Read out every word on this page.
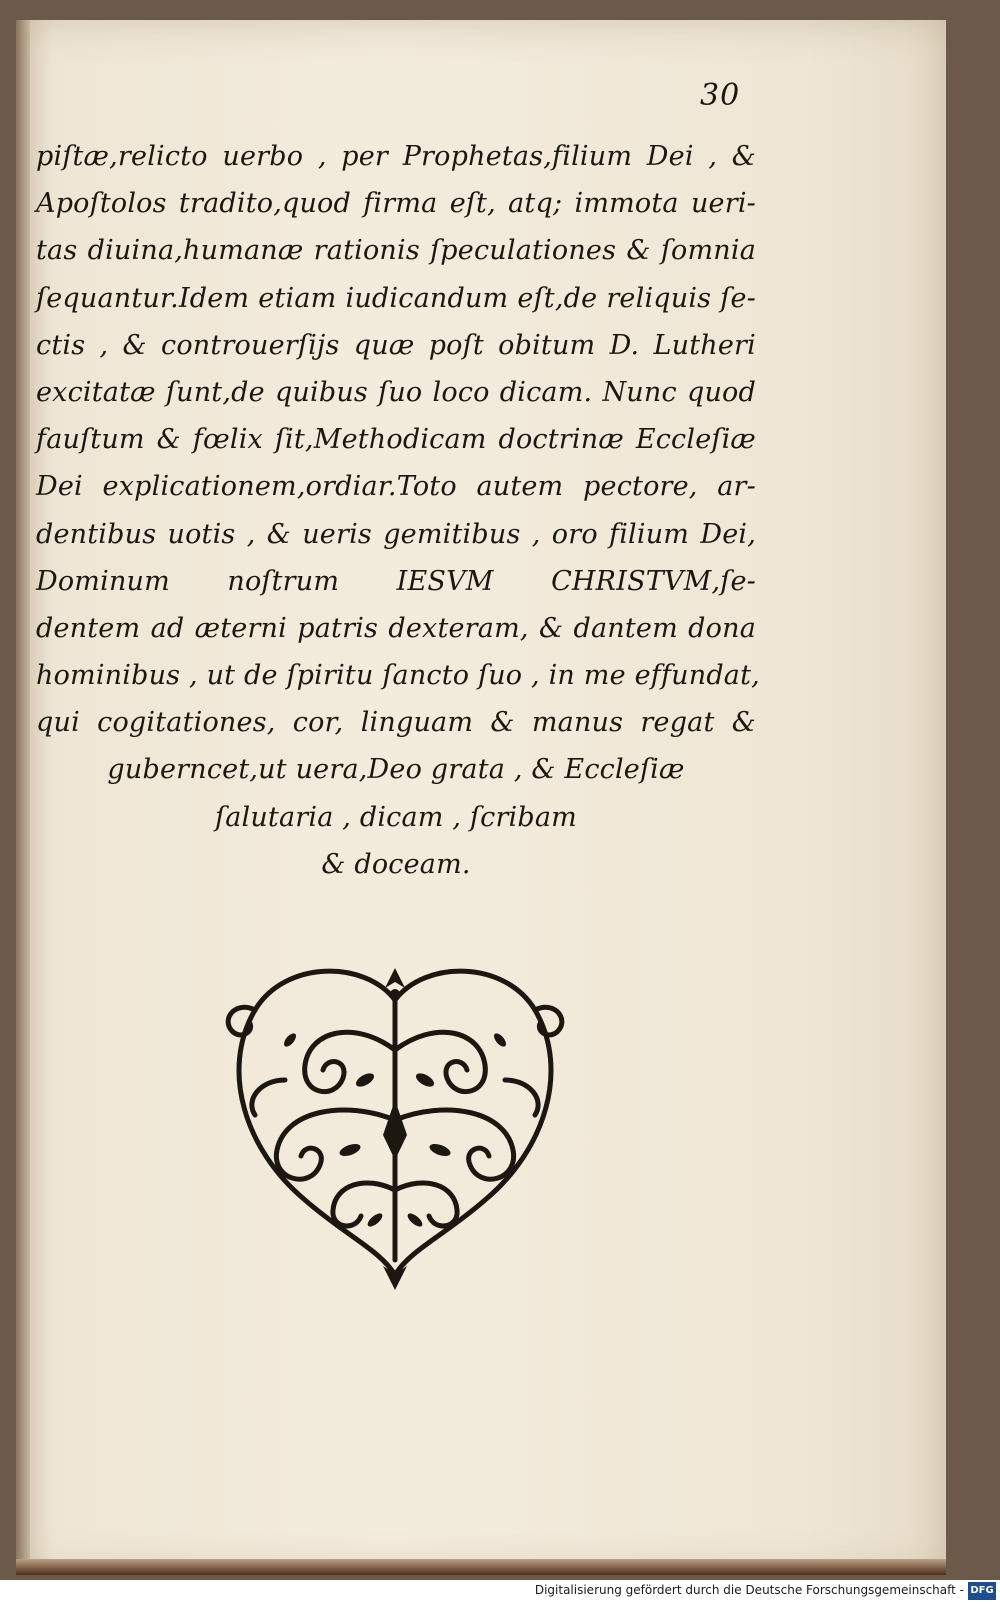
30
piſtæ,relicto uerbo , per Prophetas,filium Dei , &
Apoſtolos tradito,quod firma eſt, atq; immota ueri-
tas diuina,humanæ rationis ſpeculationes & ſomnia
ſequantur.Idem etiam iudicandum eſt,de reliquis ſe-
ctis , & controuerſijs quæ poſt obitum D. Lutheri
excitatæ ſunt,de quibus ſuo loco dicam. Nunc quod
fauſtum & fœlix ſit,Methodicam doctrinæ Eccleſiæ
Dei explicationem,ordiar.Toto autem pectore, ar-
dentibus uotis , & ueris gemitibus , oro filium Dei,
Dominum noſtrum IESVM CHRISTVM,ſe-
dentem ad æterni patris dexteram, & dantem dona
hominibus , ut de ſpiritu ſancto ſuo , in me effundat,
qui cogitationes, cor, linguam & manus regat &
guberncet,ut uera,Deo grata , & Eccleſiæ
ſalutaria , dicam , ſcribam
& doceam.
Digitalisierung gefördert durch die Deutsche Forschungsgemeinschaft - DFG
